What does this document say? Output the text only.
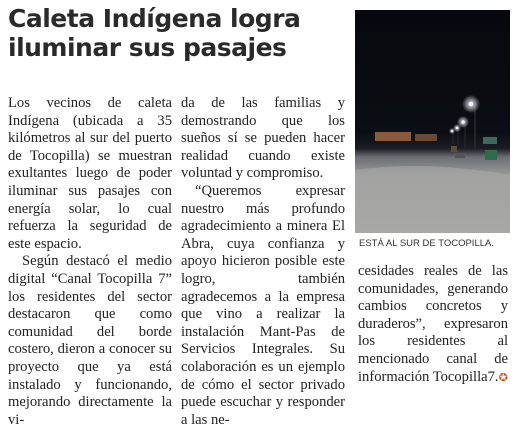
Caleta Indígena logra
iluminar sus pasajes

Los vecinos de caleta Indígena (ubicada a 35 kilómetros al sur del puerto de Tocopilla) se muestran exultantes luego de poder iluminar sus pasajes con energía solar, lo cual refuerza la seguridad de este espacio.

Según destacó el medio digital “Canal Tocopilla 7” los residentes del sector destacaron que como comunidad del borde costero, dieron a conocer su proyecto que ya está instalado y funcionando, mejorando directamente la vi-

da de las familias y demostrando que los sueños sí se pueden hacer realidad cuando existe voluntad y compromiso.

“Queremos expresar nuestro más profundo agradecimiento a minera El Abra, cuya confianza y apoyo hicieron posible este logro, también agradecemos a la empresa que vino a realizar la instalación Mant-Pas de Servicios Integrales. Su colaboración es un ejemplo de cómo el sector privado puede escuchar y responder a las ne-

ESTÁ AL SUR DE TOCOPILLA.

cesidades reales de las comunidades, generando cambios concretos y duraderos”, expresaron los residentes al mencionado canal de información Tocopilla7.✪
